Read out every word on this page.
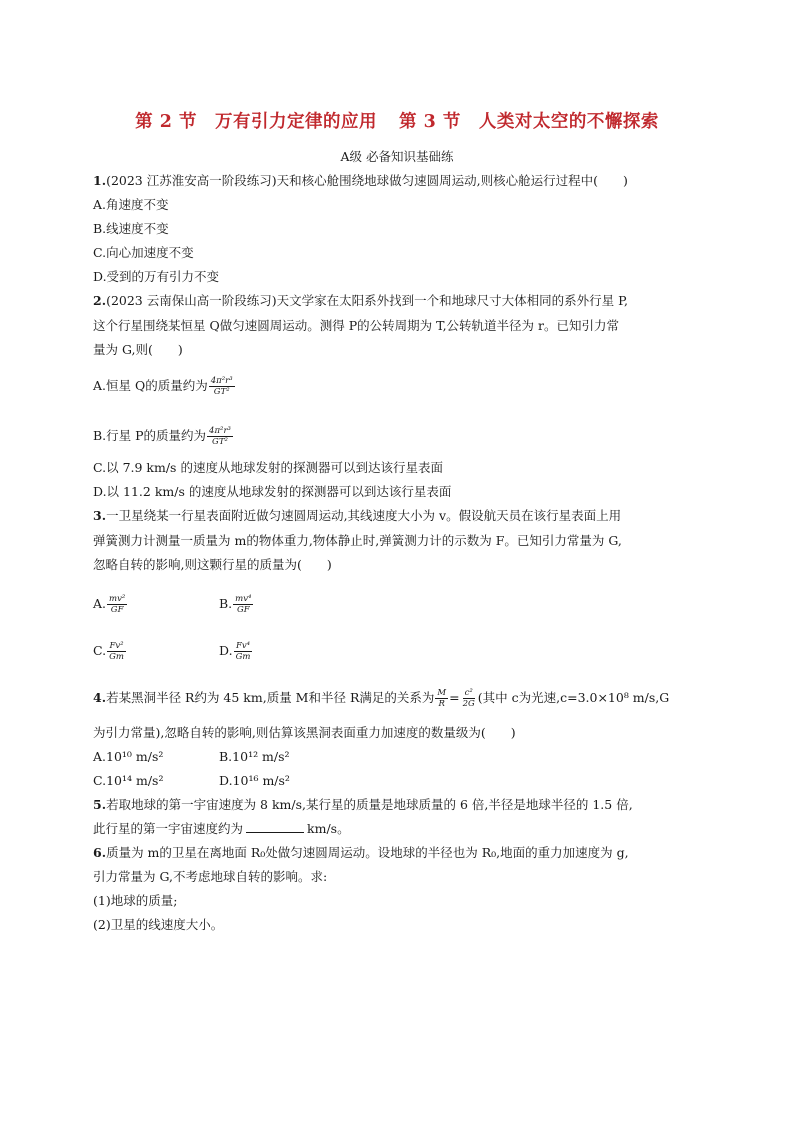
第 2 节　万有引力定律的应用 第 3 节　人类对太空的不懈探索
A级 必备知识基础练
1.(2023 江苏淮安高一阶段练习)天和核心舱围绕地球做匀速圆周运动,则核心舱运行过程中(　　)
A.角速度不变
B.线速度不变
C.向心加速度不变
D.受到的万有引力不变
2.(2023 云南保山高一阶段练习)天文学家在太阳系外找到一个和地球尺寸大体相同的系外行星 P,
这个行星围绕某恒星 Q做匀速圆周运动。测得 P的公转周期为 T,公转轨道半径为 r。已知引力常
量为 G,则(　　)
A.恒星 Q的质量约为 $\frac{\text{4π²r³}}{\text{GT²}}$
B.行星 P的质量约为 $\frac{\text{4π²r³}}{\text{GT²}}$
C.以 7.9 km/s 的速度从地球发射的探测器可以到达该行星表面
D.以 11.2 km/s 的速度从地球发射的探测器可以到达该行星表面
3.一卫星绕某一行星表面附近做匀速圆周运动,其线速度大小为 v。假设航天员在该行星表面上用
弹簧测力计测量一质量为 m的物体重力,物体静止时,弹簧测力计的示数为 F。已知引力常量为 G,
忽略自转的影响,则这颗行星的质量为(　　)
A. $\frac{\text{mv²}}{GF}$	B. $\frac{\text{mv⁴}}{GF}$
C. $\frac{\text{Fv²}}{Gm}$	D. $\frac{\text{Fv⁴}}{Gm}$
4.若某黑洞半径 R约为 45 km,质量 M和半径 R满足的关系为 $\frac{M}{R} = \frac{\text{c²}}{2G}$ (其中 c为光速,c=3.0×10⁸ m/s,G
为引力常量),忽略自转的影响,则估算该黑洞表面重力加速度的数量级为(　　)
A.10¹⁰ m/s²	B.10¹² m/s²
C.10¹⁴ m/s²	D.10¹⁶ m/s²
5.若取地球的第一宇宙速度为 8 km/s,某行星的质量是地球质量的 6 倍,半径是地球半径的 1.5 倍,
此行星的第一宇宙速度约为	km/s。
6.质量为 m的卫星在离地面 R₀处做匀速圆周运动。设地球的半径也为 R₀,地面的重力加速度为 g,
引力常量为 G,不考虑地球自转的影响。求:
(1)地球的质量;
(2)卫星的线速度大小。
